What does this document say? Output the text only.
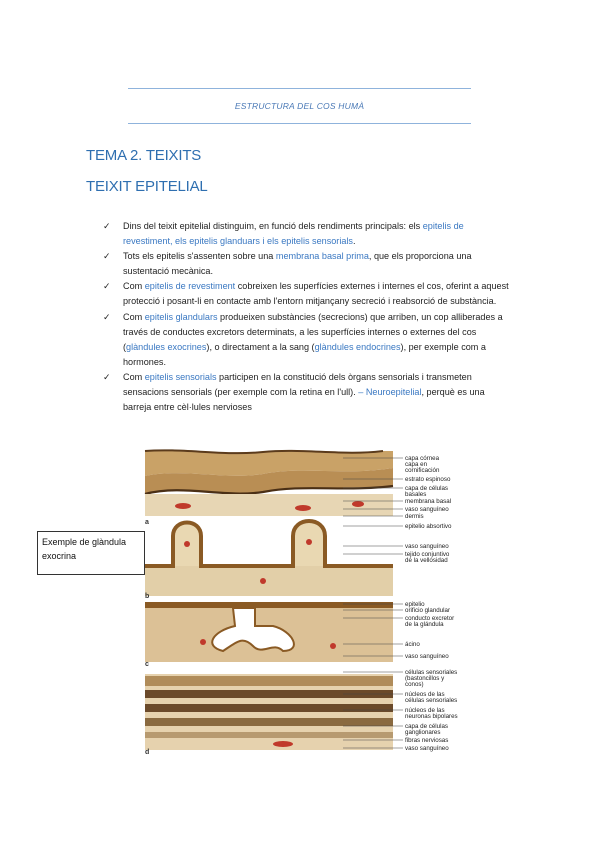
ESTRUCTURA DEL COS HUMÀ
TEMA 2. TEIXITS
TEIXIT EPITELIAL
✓ Dins del teixit epitelial distinguim, en funció dels rendiments principals: els epitelis de revestiment, els epitelis glanduars i els epitelis sensorials.
✓ Tots els epitelis s'assenten sobre una membrana basal prima, que els proporciona una sustentació mecànica.
✓ Com epitelis de revestiment cobreixen les superfícies externes i internes el cos, oferint a aquest protecció i posant-li en contacte amb l'entorn mitjançany secreció i reabsorció de substància.
✓ Com epitelis glandulars produeixen substàncies (secrecions) que arriben, un cop alliberades a través de conductes excretors determinats, a les superfícies internes o externes del cos (glàndules exocrines), o directament a la sang (glàndules endocrines), per exemple com a hormones.
✓ Com epitelis sensorials participen en la constitució dels òrgans sensorials i transmeten sensacions sensorials (per exemple com la retina en l'ull). – Neuroepitelial, perquè es una barreja entre cèl·lules nervioses
a
b
c
d
capa córnea
capa en
cornificación
estrato espinoso
capa de células
basales
membrana basal
vaso sanguíneo
dermis
epitelio absortivo
vaso sanguíneo
tejido conjuntivo
de la vellosidad
epitelio
orificio glandular
conducto excretor
de la glándula
ácino
vaso sanguíneo
células sensoriales
(bastoncillos y
conos)
núcleos de las
células sensoriales
núcleos de las
neuronas bipolares
capa de células
ganglionares
fibras nerviosas
vaso sanguíneo
Exemple de glàndula exocrina
